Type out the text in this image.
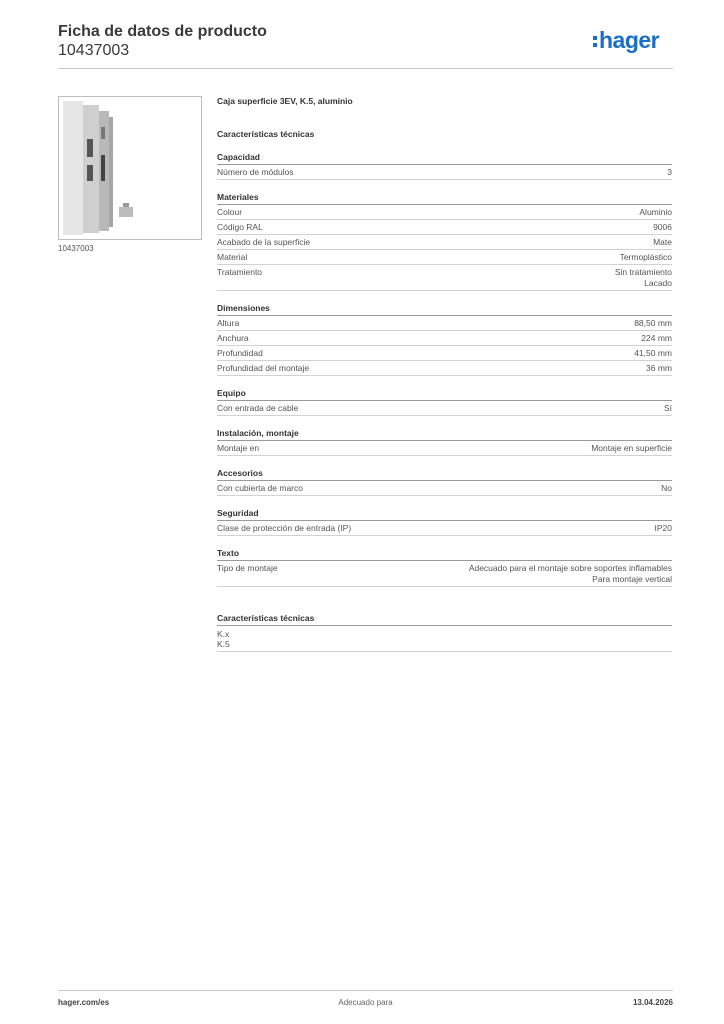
Ficha de datos de producto
10437003	hager
10437003
Caja superficie 3EV, K.5, aluminio
Características técnicas
Capacidad
Número de módulos	3
Materiales
Colour	Aluminio
Código RAL	9006
Acabado de la superficie	Mate
Material	Termoplástico
Tratamiento	Sin tratamiento
Lacado
Dimensiones
Altura	88,50 mm
Anchura	224 mm
Profundidad	41,50 mm
Profundidad del montaje	36 mm
Equipo
Con entrada de cable	Sí
Instalación, montaje
Montaje en	Montaje en superficie
Accesorios
Con cubierta de marco	No
Seguridad
Clase de protección de entrada (IP)	IP20
Texto
Tipo de montaje	Adecuado para el montaje sobre soportes inflamables
Para montaje vertical
Características técnicas
K.x
K.5
hager.com/es	Adecuado para	13.04.2026
